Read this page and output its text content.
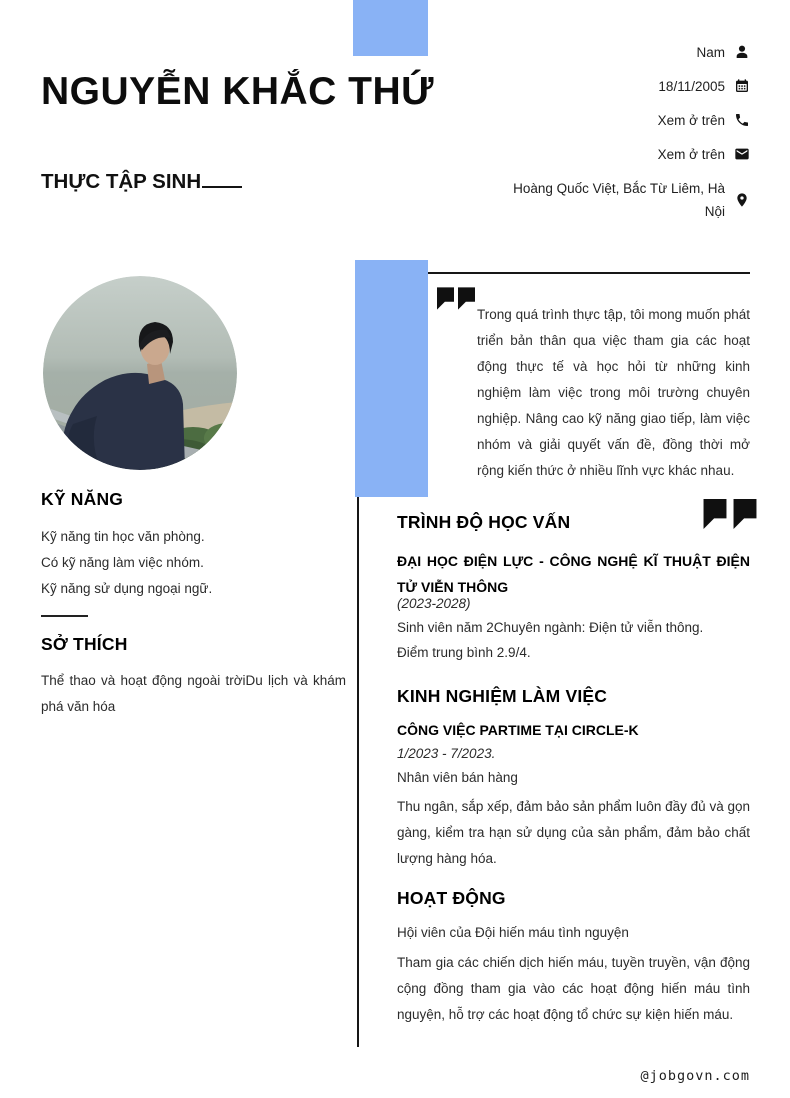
NGUYỄN KHẮC THỨ
THỰC TẬP SINH
Nam
18/11/2005
Xem ở trên
Xem ở trên
Hoàng Quốc Việt, Bắc Từ Liêm, Hà Nội

Trong quá trình thực tập, tôi mong muốn phát triển bản thân qua việc tham gia các hoạt động thực tế và học hỏi từ những kinh nghiệm làm việc trong môi trường chuyên nghiệp. Nâng cao kỹ năng giao tiếp, làm việc nhóm và giải quyết vấn đề, đồng thời mở rộng kiến thức ở nhiều lĩnh vực khác nhau.

KỸ NĂNG
Kỹ năng tin học văn phòng.
Có kỹ năng làm việc nhóm.
Kỹ năng sử dụng ngoại ngữ.
SỞ THÍCH

Thể thao và hoạt động ngoài trờiDu lịch và khám phá văn hóa

TRÌNH ĐỘ HỌC VẤN

ĐẠI HỌC ĐIỆN LỰC - CÔNG NGHỆ KĨ THUẬT ĐIỆN TỬ VIỄN THÔNG

(2023-2028)

Sinh viên năm 2Chuyên ngành: Điện tử viễn thông.

Điểm trung bình 2.9/4.

KINH NGHIỆM LÀM VIỆC

CÔNG VIỆC PARTIME TẠI CIRCLE-K

1/2023 - 7/2023.

Nhân viên bán hàng

Thu ngân, sắp xếp, đảm bảo sản phẩm luôn đầy đủ và gọn gàng, kiểm tra hạn sử dụng của sản phẩm, đảm bảo chất lượng hàng hóa.

HOẠT ĐỘNG

Hội viên của Đội hiến máu tình nguyện

Tham gia các chiến dịch hiến máu, tuyền truyền, vận động cộng đồng tham gia vào các hoạt động hiến máu tình nguyện, hỗ trợ các hoạt động tổ chức sự kiện hiến máu.

@jobgovn.com
